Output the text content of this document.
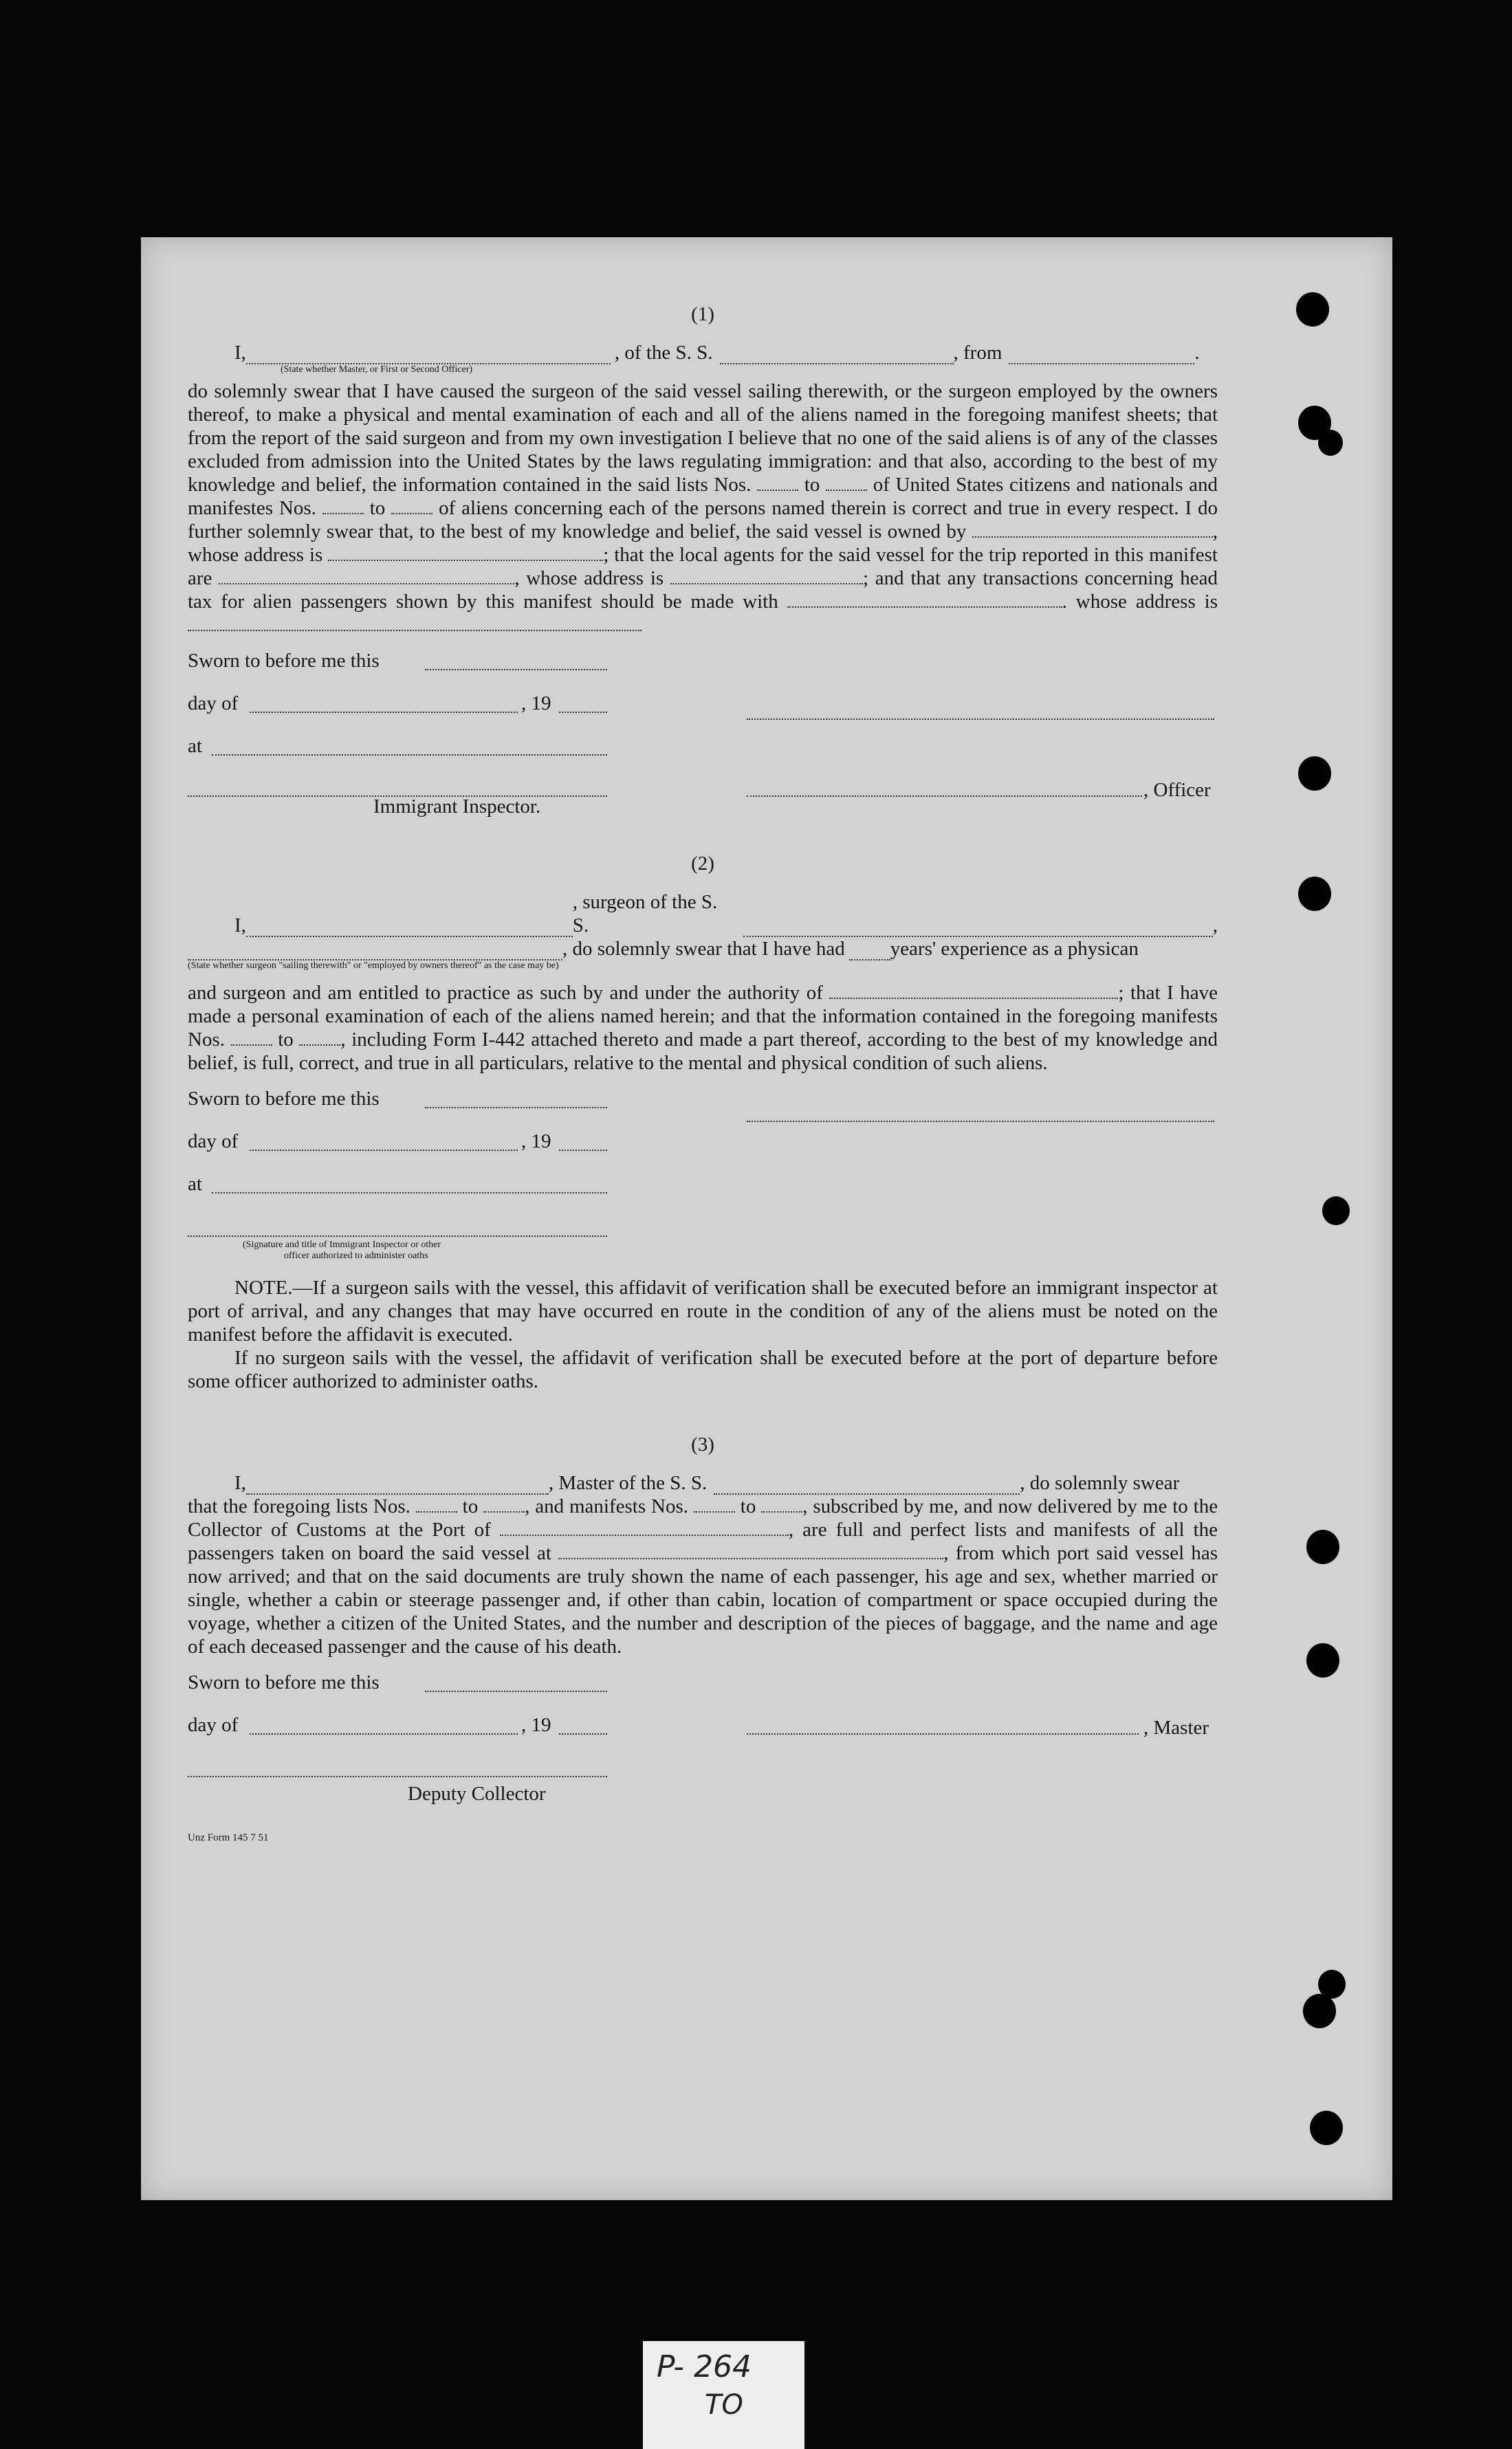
(1)

I,	, of the S. S.	, from	.
(State whether Master, or First or Second Officer)

do solemnly swear that I have caused the surgeon of the said vessel sailing therewith, or the surgeon employed by the owners thereof, to make a physical and mental examination of each and all of the aliens named in the foregoing manifest sheets; that from the report of the said surgeon and from my own investigation I believe that no one of the said aliens is of any of the classes excluded from admission into the United States by the laws regulating immigration: and that also, according to the best of my knowledge and belief, the information contained in the said lists Nos.	to	of United States citizens and nationals and manifestes Nos.	to	of aliens concerning each of the persons named therein is correct and true in every respect. I do further solemnly swear that, to the best of my knowledge and belief, the said vessel is owned by	, whose address is	; that the local agents for the said vessel for the trip reported in this manifest are	, whose address is	; and that any transactions concerning head tax for alien passengers shown by this manifest should be made with	. whose address is

Sworn to before me this
day of	, 19
at
, Officer
Immigrant Inspector.

(2)

I,
, surgeon of the S. S.	,
, do solemnly swear that I have had years' experience as a physican
(State whether surgeon "sailing therewith" or "employed by owners thereof" as the case may be)

and surgeon and am entitled to practice as such by and under the authority of	; that I have made a personal examination of each of the aliens named herein; and that the information contained in the foregoing manifests Nos.	to , including Form I-442 attached thereto and made a part thereof, according to the best of my knowledge and belief, is full, correct, and true in all particulars, relative to the mental and physical condition of such aliens.

Sworn to before me this
day of	, 19
at
(Signature and title of Immigrant Inspector or other
officer authorized to administer oaths

NOTE.—If a surgeon sails with the vessel, this affidavit of verification shall be executed before an immigrant inspector at port of arrival, and any changes that may have occurred en route in the condition of any of the aliens must be noted on the manifest before the affidavit is executed.

If no surgeon sails with the vessel, the affidavit of verification shall be executed before at the port of departure before some officer authorized to administer oaths.

(3)

I,	, Master of the S. S.	, do solemnly swear

that the foregoing lists Nos.	to , and manifests Nos.	to , subscribed by me, and now delivered by me to the Collector of Customs at the Port of	, are full and perfect lists and manifests of all the passengers taken on board the said vessel at	, from which port said vessel has now arrived; and that on the said documents are truly shown the name of each passenger, his age and sex, whether married or single, whether a cabin or steerage passenger and, if other than cabin, location of compartment or space occupied during the voyage, whether a citizen of the United States, and the number and description of the pieces of baggage, and the name and age of each deceased passenger and the cause of his death.

Sworn to before me this
day of	, 19	, Master
Deputy Collector
Unz Form 145 7 51
P- 264
TO
